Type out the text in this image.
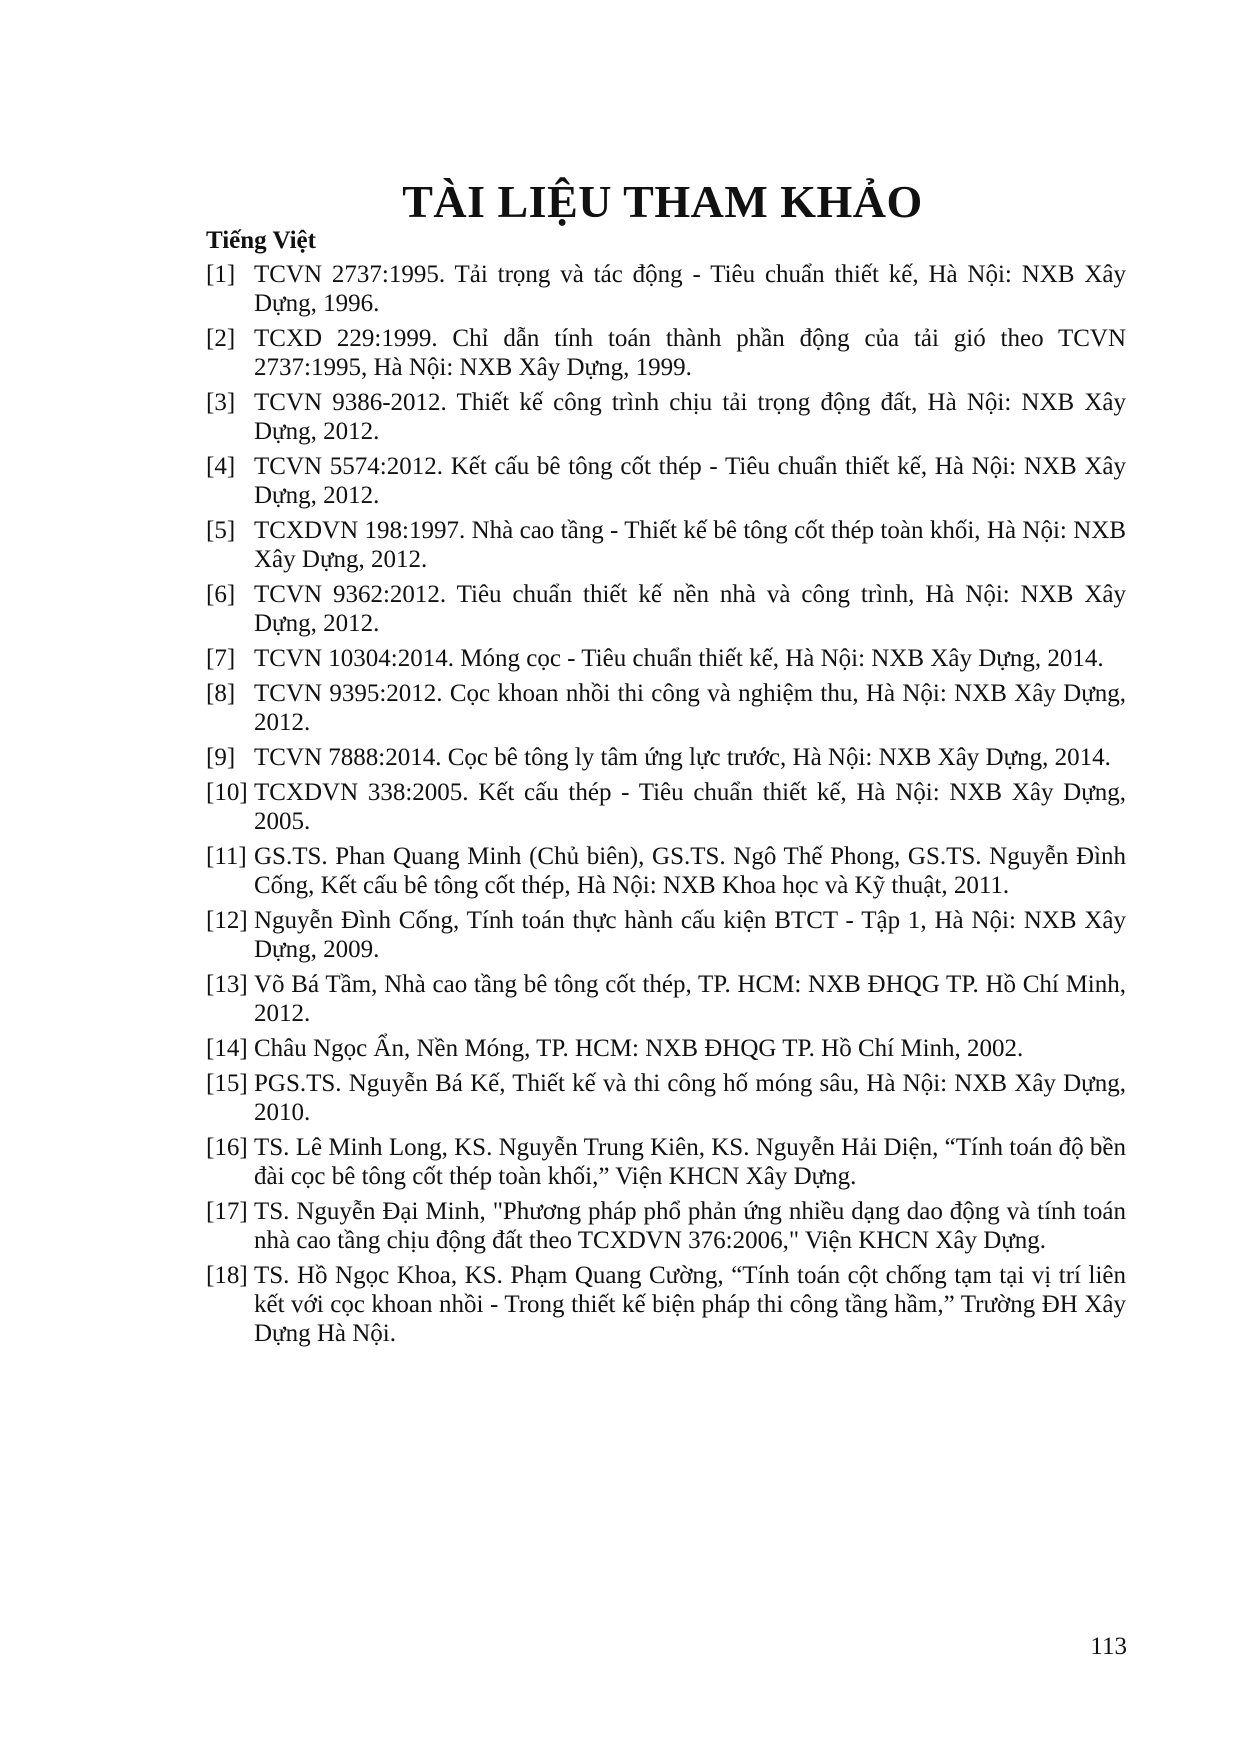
TÀI LIỆU THAM KHẢO
Tiếng Việt
[1] TCVN 2737:1995. Tải trọng và tác động - Tiêu chuẩn thiết kế, Hà Nội: NXB Xây Dựng, 1996.
[2] TCXD 229:1999. Chỉ dẫn tính toán thành phần động của tải gió theo TCVN 2737:1995, Hà Nội: NXB Xây Dựng, 1999.
[3] TCVN 9386-2012. Thiết kế công trình chịu tải trọng động đất, Hà Nội: NXB Xây Dựng, 2012.
[4] TCVN 5574:2012. Kết cấu bê tông cốt thép - Tiêu chuẩn thiết kế, Hà Nội: NXB Xây Dựng, 2012.
[5] TCXDVN 198:1997. Nhà cao tầng - Thiết kế bê tông cốt thép toàn khối, Hà Nội: NXB Xây Dựng, 2012.
[6] TCVN 9362:2012. Tiêu chuẩn thiết kế nền nhà và công trình, Hà Nội: NXB Xây Dựng, 2012.
[7] TCVN 10304:2014. Móng cọc - Tiêu chuẩn thiết kế, Hà Nội: NXB Xây Dựng, 2014.
[8] TCVN 9395:2012. Cọc khoan nhồi thi công và nghiệm thu, Hà Nội: NXB Xây Dựng, 2012.
[9] TCVN 7888:2014. Cọc bê tông ly tâm ứng lực trước, Hà Nội: NXB Xây Dựng, 2014.
[10] TCXDVN 338:2005. Kết cấu thép - Tiêu chuẩn thiết kế, Hà Nội: NXB Xây Dựng, 2005.
[11] GS.TS. Phan Quang Minh (Chủ biên), GS.TS. Ngô Thế Phong, GS.TS. Nguyễn Đình Cống, Kết cấu bê tông cốt thép, Hà Nội: NXB Khoa học và Kỹ thuật, 2011.
[12] Nguyễn Đình Cống, Tính toán thực hành cấu kiện BTCT - Tập 1, Hà Nội: NXB Xây Dựng, 2009.
[13] Võ Bá Tầm, Nhà cao tầng bê tông cốt thép, TP. HCM: NXB ĐHQG TP. Hồ Chí Minh, 2012.
[14] Châu Ngọc Ẩn, Nền Móng, TP. HCM: NXB ĐHQG TP. Hồ Chí Minh, 2002.
[15] PGS.TS. Nguyễn Bá Kế, Thiết kế và thi công hố móng sâu, Hà Nội: NXB Xây Dựng, 2010.
[16] TS. Lê Minh Long, KS. Nguyễn Trung Kiên, KS. Nguyễn Hải Diện, “Tính toán độ bền đài cọc bê tông cốt thép toàn khối,” Viện KHCN Xây Dựng.
[17] TS. Nguyễn Đại Minh, "Phương pháp phổ phản ứng nhiều dạng dao động và tính toán nhà cao tầng chịu động đất theo TCXDVN 376:2006," Viện KHCN Xây Dựng.
[18] TS. Hồ Ngọc Khoa, KS. Phạm Quang Cường, “Tính toán cột chống tạm tại vị trí liên kết với cọc khoan nhồi - Trong thiết kế biện pháp thi công tầng hầm,” Trường ĐH Xây Dựng Hà Nội.
113
